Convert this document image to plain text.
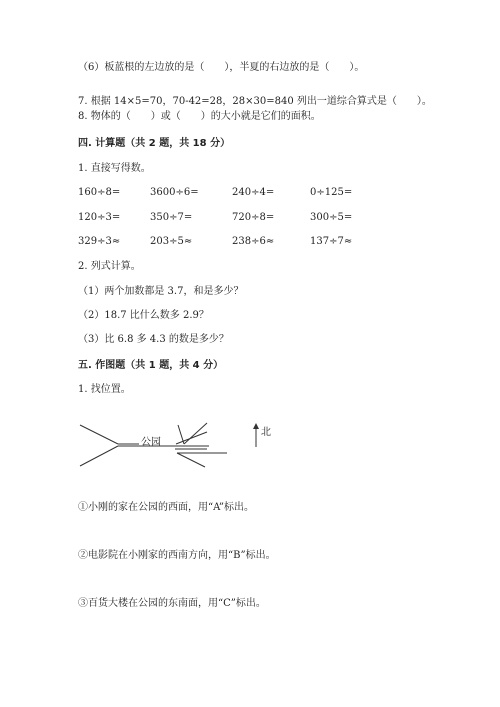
（6）板蓝根的左边放的是（　　），半夏的右边放的是（　　）。
7. 根据 14×5=70，70-42=28，28×30=840 列出一道综合算式是（　　）。
8. 物体的（　　）或（　　）的大小就是它们的面积。
四. 计算题（共 2 题，共 18 分）
1. 直接写得数。
160÷8=	3600÷6=	240÷4=	0÷125=
120÷3=	350÷7=	720÷8=	300÷5=
329÷3≈	203÷5≈	238÷6≈	137÷7≈
2. 列式计算。
（1）两个加数都是 3.7，和是多少？
（2）18.7 比什么数多 2.9？
（3）比 6.8 多 4.3 的数是多少？
五. 作图题（共 1 题，共 4 分）
1. 找位置。
公园
北
①小刚的家在公园的西面，用“A”标出。
②电影院在小刚家的西南方向，用“B”标出。
③百货大楼在公园的东南面，用“C”标出。
